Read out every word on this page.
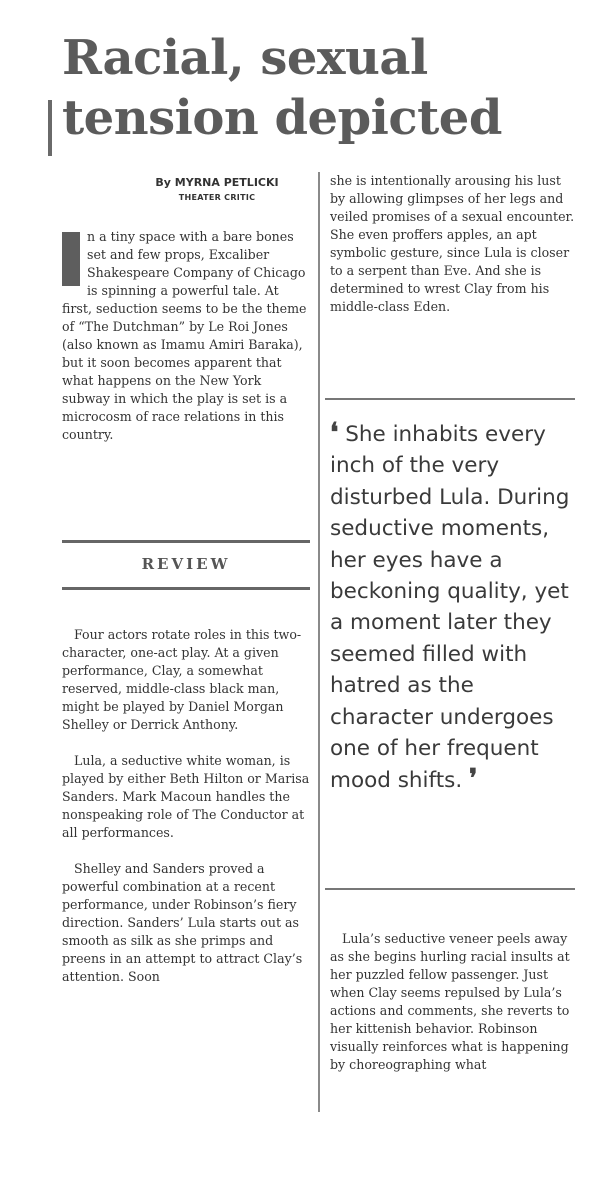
Racial, sexual
tension depicted
By MYRNA PETLICKI
THEATER CRITIC

n a tiny space with a bare bones set and few props, Excaliber Shakespeare Company of Chicago is spinning a powerful tale. At first, seduction seems to be the theme of “The Dutchman” by Le Roi Jones (also known as Imamu Amiri Baraka), but it soon becomes apparent that what happens on the New York subway in which the play is set is a microcosm of race relations in this country.

REVIEW

Four actors rotate roles in this two-character, one-act play. At a given performance, Clay, a somewhat reserved, middle-class black man, might be played by Daniel Morgan Shelley or Derrick Anthony.

Lula, a seductive white woman, is played by either Beth Hilton or Marisa Sanders. Mark Macoun handles the nonspeaking role of The Conductor at all performances.

Shelley and Sanders proved a powerful combination at a recent performance, under Robinson’s fiery direction. Sanders’ Lula starts out as smooth as silk as she primps and preens in an attempt to attract Clay’s attention. Soon

she is intentionally arousing his lust by allowing glimpses of her legs and veiled promises of a sexual encounter. She even proffers apples, an apt symbolic gesture, since Lula is closer to a serpent than Eve. And she is determined to wrest Clay from his middle-class Eden.

❛ She inhabits every inch of the very disturbed Lula. During seductive moments, her eyes have a beckoning quality, yet a moment later they seemed filled with hatred as the character undergoes one of her frequent mood shifts. ❜

Lula’s seductive veneer peels away as she begins hurling racial insults at her puzzled fellow passenger. Just when Clay seems repulsed by Lula’s actions and comments, she reverts to her kittenish behavior. Robinson visually reinforces what is happening by choreographing what
